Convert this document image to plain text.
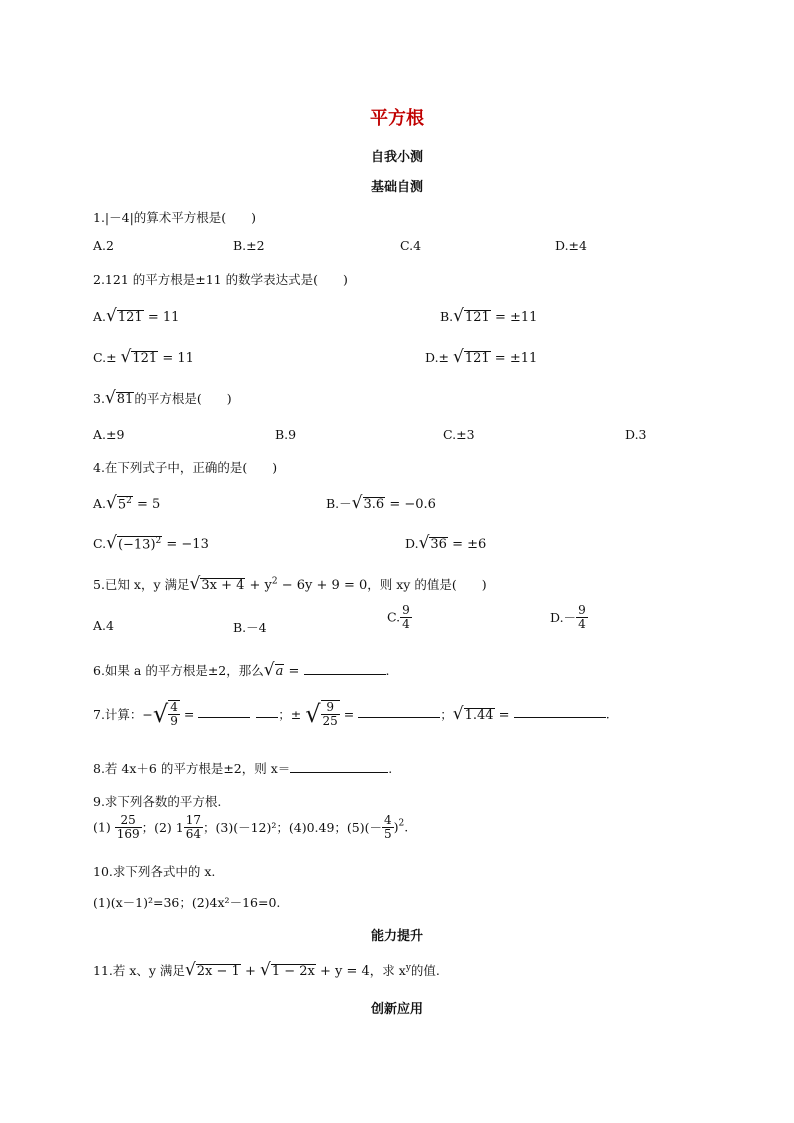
平方根
自我小测
基础自测
1.|－4|的算术平方根是(　　)
A.2	B.±2	C.4	D.±4
2.121 的平方根是±11 的数学表达式是(　　)
A.√121 = 11	B.√121 = ±11
C.± √121 = 11	D.± √121 = ±11
3.√81的平方根是(　　)
A.±9	B.9	C.±3	D.3
4.在下列式子中，正确的是(　　)
$A.√5^2 = 5$	B.－√3.6 = −0.6
$C.√(-13)^2 = -13$	D.√36 = ±6
5.已知 x，y 满足$√3x + 4 + y^2 - 6y + 9 = 0$，则 xy 的值是(　　)
A.4	B.－4
C. $\frac{9}{4}$	$D.- \frac{9}{4}$
6.如果 a 的平方根是±2，那么√a =	.
7.计算：−√ $\frac{4}{9}$ =	；± √ $\frac{9}{25}$ =	；√1.44 =	.
8.若 4x＋6 的平方根是±2，则 x＝	.
9.求下列各数的平方根.
$(1) \frac{25}{169}$ ；(2) $1 \frac{17}{64}$ ；(3)(－12)²；(4)0.49；$(5)(- \frac{4}{5} )^2$.
10.求下列各式中的 x.
(1)(x－1)²=36；(2)4x²－16=0.
能力提升
11.若 x、y 满足√2x − 1 + √1 − 2x + y = 4，求 $x^y$的值.
创新应用
